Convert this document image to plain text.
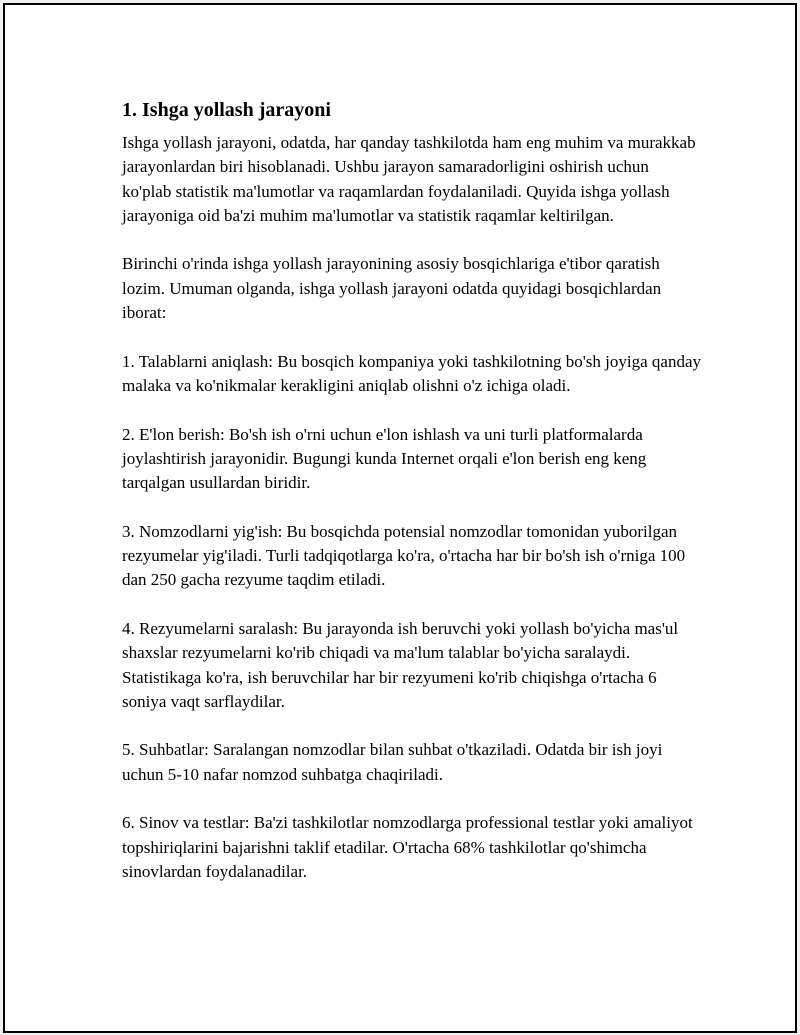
1. Ishga yollash jarayoni

Ishga yollash jarayoni, odatda, har qanday tashkilotda ham eng muhim va murakkab jarayonlardan biri hisoblanadi. Ushbu jarayon samaradorligini oshirish uchun ko'plab statistik ma'lumotlar va raqamlardan foydalaniladi. Quyida ishga yollash jarayoniga oid ba'zi muhim ma'lumotlar va statistik raqamlar keltirilgan.

Birinchi o'rinda ishga yollash jarayonining asosiy bosqichlariga e'tibor qaratish lozim. Umuman olganda, ishga yollash jarayoni odatda quyidagi bosqichlardan iborat:

1. Talablarni aniqlash: Bu bosqich kompaniya yoki tashkilotning bo'sh joyiga qanday malaka va ko'nikmalar kerakligini aniqlab olishni o'z ichiga oladi.

2. E'lon berish: Bo'sh ish o'rni uchun e'lon ishlash va uni turli platformalarda joylashtirish jarayonidir. Bugungi kunda Internet orqali e'lon berish eng keng tarqalgan usullardan biridir.

3. Nomzodlarni yig'ish: Bu bosqichda potensial nomzodlar tomonidan yuborilgan rezyumelar yig'iladi. Turli tadqiqotlarga ko'ra, o'rtacha har bir bo'sh ish o'rniga 100 dan 250 gacha rezyume taqdim etiladi.

4. Rezyumelarni saralash: Bu jarayonda ish beruvchi yoki yollash bo'yicha mas'ul shaxslar rezyumelarni ko'rib chiqadi va ma'lum talablar bo'yicha saralaydi. Statistikaga ko'ra, ish beruvchilar har bir rezyumeni ko'rib chiqishga o'rtacha 6 soniya vaqt sarflaydilar.

5. Suhbatlar: Saralangan nomzodlar bilan suhbat o'tkaziladi. Odatda bir ish joyi uchun 5-10 nafar nomzod suhbatga chaqiriladi.

6. Sinov va testlar: Ba'zi tashkilotlar nomzodlarga professional testlar yoki amaliyot topshiriqlarini bajarishni taklif etadilar. O'rtacha 68% tashkilotlar qo'shimcha sinovlardan foydalanadilar.
